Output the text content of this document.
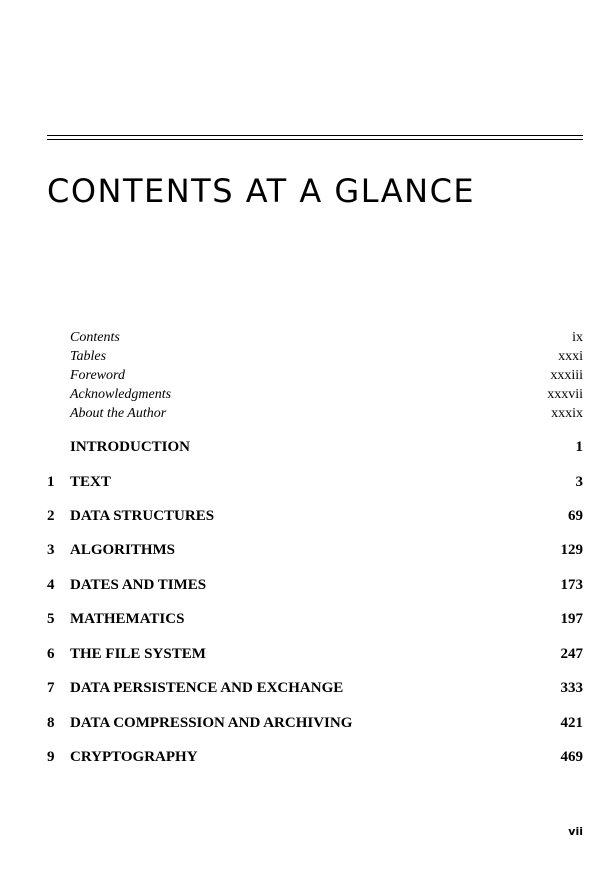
CONTENTS AT A GLANCE
Contents	ix
Tables	xxxi
Foreword	xxxiii
Acknowledgments	xxxvii
About the Author	xxxix
INTRODUCTION	1
1 TEXT	3
2 DATA STRUCTURES	69
3 ALGORITHMS	129
4 DATES AND TIMES	173
5 MATHEMATICS	197
6 THE FILE SYSTEM	247
7 DATA PERSISTENCE AND EXCHANGE	333
8 DATA COMPRESSION AND ARCHIVING	421
9 CRYPTOGRAPHY	469
vii
